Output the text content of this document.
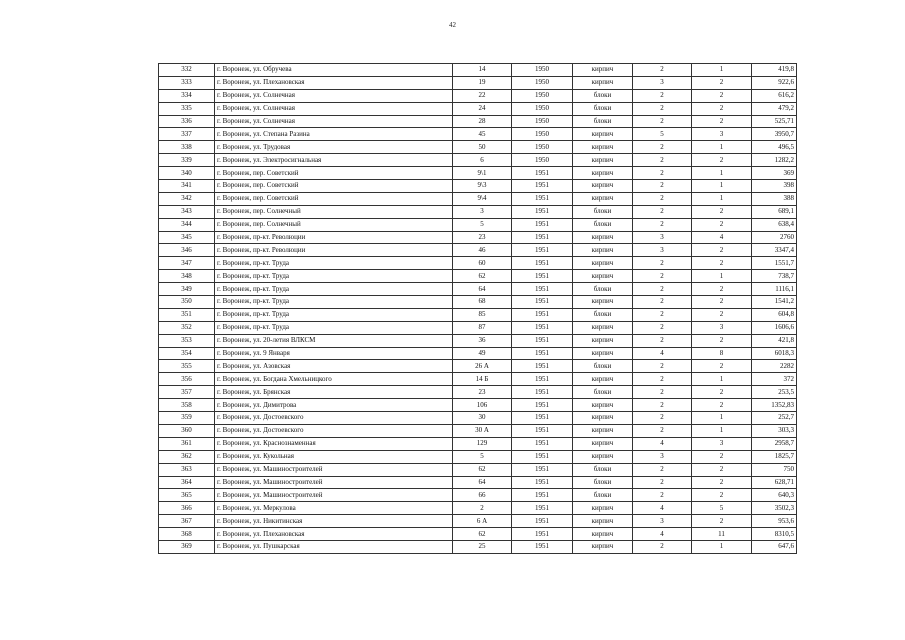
42
332	г. Воронеж, ул. Обручева	14	1950	кирпич	2	1	419,8
333	г. Воронеж, ул. Плехановская	19	1950	кирпич	3	2	922,6
334	г. Воронеж, ул. Солнечная	22	1950	блоки	2	2	616,2
335	г. Воронеж, ул. Солнечная	24	1950	блоки	2	2	479,2
336	г. Воронеж, ул. Солнечная	28	1950	блоки	2	2	525,71
337	г. Воронеж, ул. Степана Разина	45	1950	кирпич	5	3	3950,7
338	г. Воронеж, ул. Трудовая	50	1950	кирпич	2	1	496,5
339	г. Воронеж, ул. Электросигнальная	6	1950	кирпич	2	2	1282,2
340	г. Воронеж, пер. Советский	9\1	1951	кирпич	2	1	369
341	г. Воронеж, пер. Советский	9\3	1951	кирпич	2	1	398
342	г. Воронеж, пер. Советский	9\4	1951	кирпич	2	1	388
343	г. Воронеж, пер. Солнечный	3	1951	блоки	2	2	689,1
344	г. Воронеж, пер. Солнечный	5	1951	блоки	2	2	638,4
345	г. Воронеж, пр-кт. Революции	23	1951	кирпич	3	4	2760
346	г. Воронеж, пр-кт. Революции	46	1951	кирпич	3	2	3347,4
347	г. Воронеж, пр-кт. Труда	60	1951	кирпич	2	2	1551,7
348	г. Воронеж, пр-кт. Труда	62	1951	кирпич	2	1	738,7
349	г. Воронеж, пр-кт. Труда	64	1951	блоки	2	2	1116,1
350	г. Воронеж, пр-кт. Труда	68	1951	кирпич	2	2	1541,2
351	г. Воронеж, пр-кт. Труда	85	1951	блоки	2	2	604,8
352	г. Воронеж, пр-кт. Труда	87	1951	кирпич	2	3	1606,6
353	г. Воронеж, ул. 20-летия ВЛКСМ	36	1951	кирпич	2	2	421,8
354	г. Воронеж, ул. 9 Января	49	1951	кирпич	4	8	6018,3
355	г. Воронеж, ул. Азовская	26 А	1951	блоки	2	2	2282
356	г. Воронеж, ул. Богдана Хмельницкого	14 Б	1951	кирпич	2	1	372
357	г. Воронеж, ул. Брянская	23	1951	блоки	2	2	253,5
358	г. Воронеж, ул. Димитрова	106	1951	кирпич	2	2	1352,83
359	г. Воронеж, ул. Достоевского	30	1951	кирпич	2	1	252,7
360	г. Воронеж, ул. Достоевского	30 А	1951	кирпич	2	1	303,3
361	г. Воронеж, ул. Краснознаменная	129	1951	кирпич	4	3	2958,7
362	г. Воронеж, ул. Кукольная	5	1951	кирпич	3	2	1825,7
363	г. Воронеж, ул. Машиностроителей	62	1951	блоки	2	2	750
364	г. Воронеж, ул. Машиностроителей	64	1951	блоки	2	2	628,71
365	г. Воронеж, ул. Машиностроителей	66	1951	блоки	2	2	640,3
366	г. Воронеж, ул. Меркулова	2	1951	кирпич	4	5	3502,3
367	г. Воронеж, ул. Никитинская	6 А	1951	кирпич	3	2	953,6
368	г. Воронеж, ул. Плехановская	62	1951	кирпич	4	11	8310,5
369	г. Воронеж, ул. Пушкарская	25	1951	кирпич	2	1	647,6
